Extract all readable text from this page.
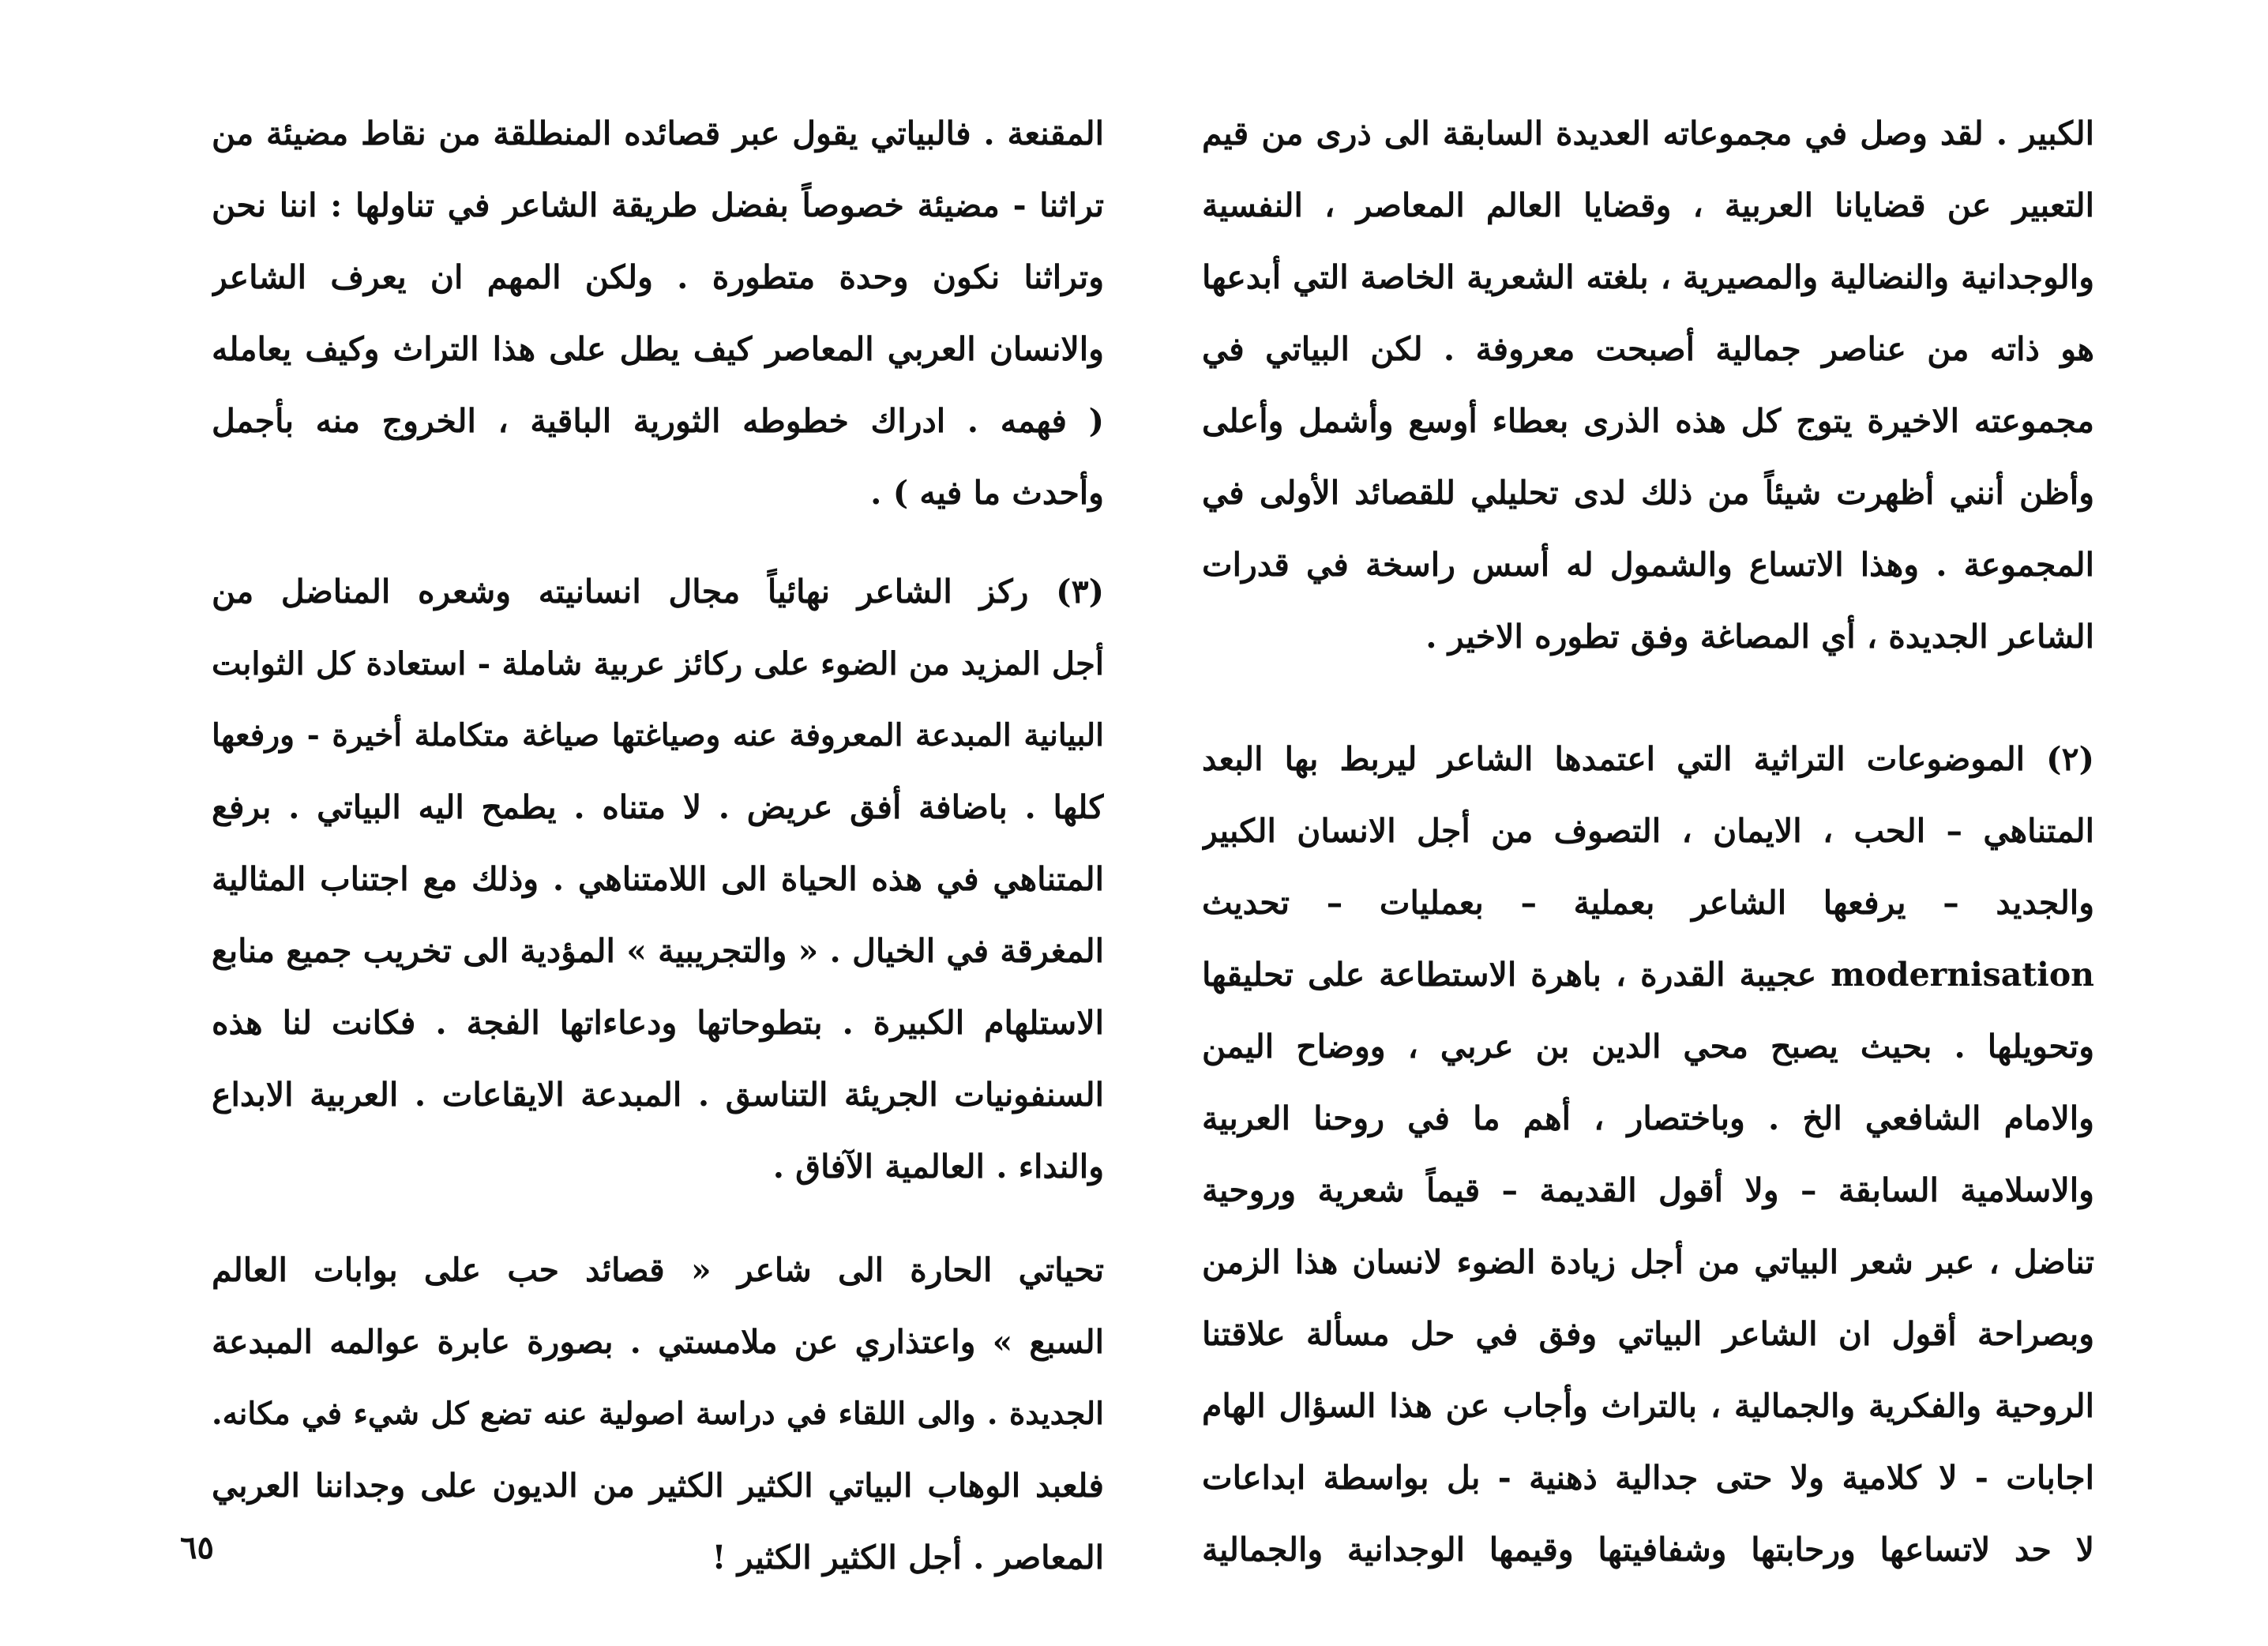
الكبير . لقد وصل في مجموعاته العديدة السابقة الى ذرى من قيم
التعبير عن قضايانا العربية ، وقضايا العالم المعاصر ، النفسية
والوجدانية والنضالية والمصيرية ، بلغته الشعرية الخاصة التي أبدعها
هو ذاته من عناصر جمالية أصبحت معروفة . لكن البياتي في
مجموعته الاخيرة يتوج كل هذه الذرى بعطاء أوسع وأشمل وأعلى
وأظن أنني أظهرت شيئاً من ذلك لدى تحليلي للقصائد الأولى في
المجموعة . وهذا الاتساع والشمول له أسس راسخة في قدرات
الشاعر الجديدة ، أي المصاغة وفق تطوره الاخير .
(٢) الموضوعات التراثية التي اعتمدها الشاعر ليربط بها البعد
المتناهي – الحب ، الايمان ، التصوف من أجل الانسان الكبير
والجديد – يرفعها الشاعر بعملية – بعمليات – تحديث
modernisation عجيبة القدرة ، باهرة الاستطاعة على تحليقها
وتحويلها . بحيث يصبح محي الدين بن عربي ، ووضاح اليمن
والامام الشافعي الخ . وباختصار ، أهم ما في روحنا العربية
والاسلامية السابقة – ولا أقول القديمة – قيماً شعرية وروحية
تناضل ، عبر شعر البياتي من أجل زيادة الضوء لانسان هذا الزمن
وبصراحة أقول ان الشاعر البياتي وفق في حل مسألة علاقتنا
الروحية والفكرية والجمالية ، بالتراث وأجاب عن هذا السؤال الهام
اجابات - لا كلامية ولا حتى جدالية ذهنية - بل بواسطة ابداعات
لا حد لاتساعها ورحابتها وشفافيتها وقيمها الوجدانية والجمالية
المقنعة . فالبياتي يقول عبر قصائده المنطلقة من نقاط مضيئة من
تراثنا - مضيئة خصوصاً بفضل طريقة الشاعر في تناولها : اننا نحن
وتراثنا نكون وحدة متطورة . ولكن المهم ان يعرف الشاعر
والانسان العربي المعاصر كيف يطل على هذا التراث وكيف يعامله
( فهمه . ادراك خطوطه الثورية الباقية ، الخروج منه بأجمل
وأحدث ما فيه ) .
(٣) ركز الشاعر نهائياً مجال انسانيته وشعره المناضل من
أجل المزيد من الضوء على ركائز عربية شاملة - استعادة كل الثوابت
البيانية المبدعة المعروفة عنه وصياغتها صياغة متكاملة أخيرة - ورفعها
كلها . باضافة أفق عريض . لا متناه . يطمح اليه البياتي . برفع
المتناهي في هذه الحياة الى اللامتناهي . وذلك مع اجتناب المثالية
المغرقة في الخيال . « والتجريبية » المؤدية الى تخريب جميع منابع
الاستلهام الكبيرة . بتطوحاتها ودعاءاتها الفجة . فكانت لنا هذه
السنفونيات الجريئة التناسق . المبدعة الايقاعات . العربية الابداع
والنداء . العالمية الآفاق .
تحياتي الحارة الى شاعر « قصائد حب على بوابات العالم
السبع » واعتذاري عن ملامستي . بصورة عابرة عوالمه المبدعة
الجديدة . والى اللقاء في دراسة اصولية عنه تضع كل شيء في مكانه.
فلعبد الوهاب البياتي الكثير الكثير من الديون على وجداننا العربي
المعاصر . أجل الكثير الكثير !
٦٥
